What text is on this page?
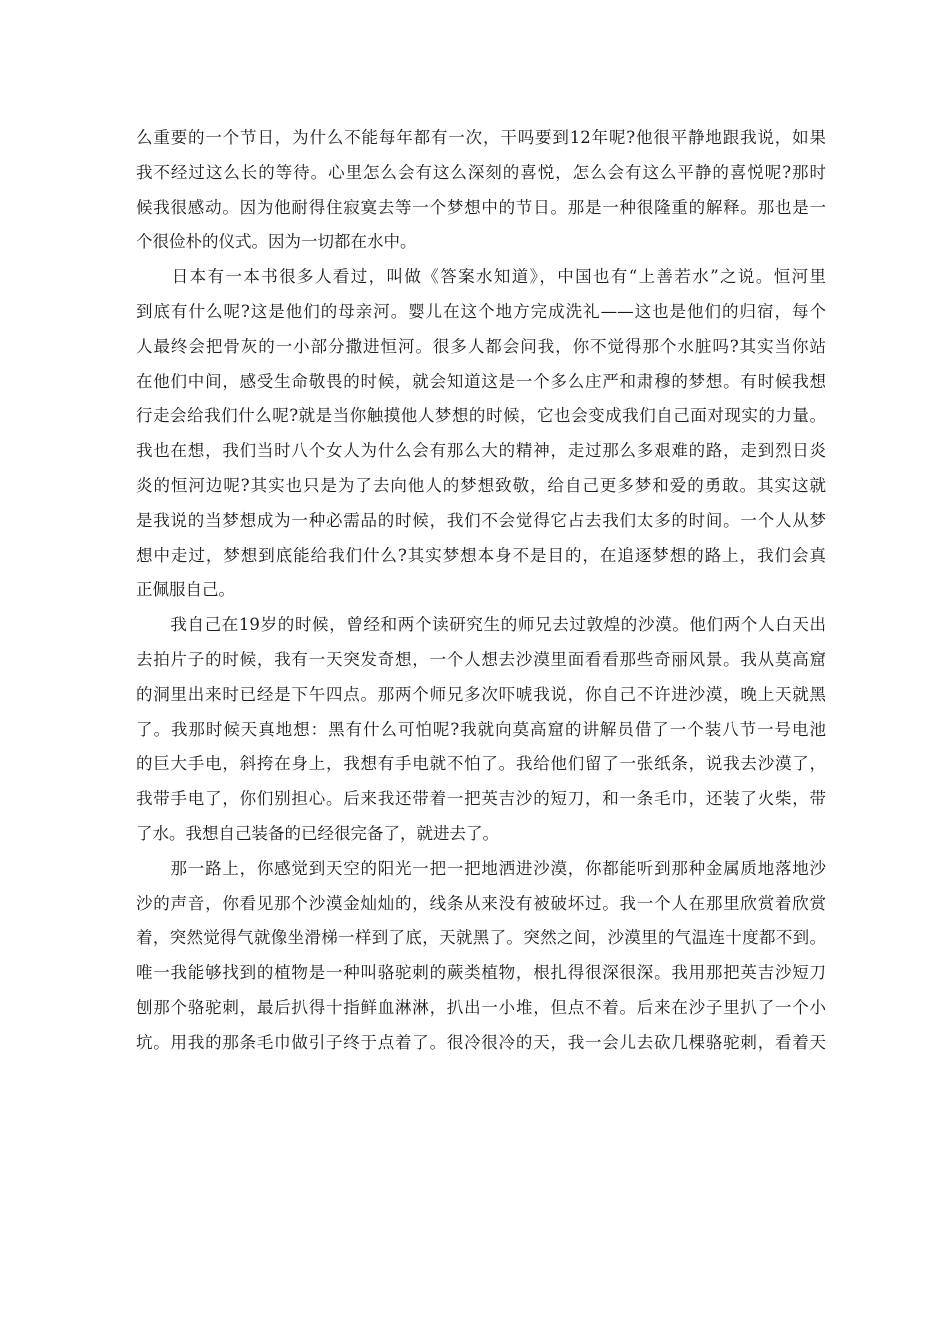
么重要的一个节日，为什么不能每年都有一次，干吗要到12年呢?他很平静地跟我说，如果
我不经过这么长的等待。心里怎么会有这么深刻的喜悦，怎么会有这么平静的喜悦呢?那时
候我很感动。因为他耐得住寂寞去等一个梦想中的节日。那是一种很隆重的解释。那也是一
个很俭朴的仪式。因为一切都在水中。
　　日本有一本书很多人看过，叫做《答案水知道》，中国也有“上善若水”之说。恒河里
到底有什么呢?这是他们的母亲河。婴儿在这个地方完成洗礼——这也是他们的归宿，每个
人最终会把骨灰的一小部分撒进恒河。很多人都会问我，你不觉得那个水脏吗?其实当你站
在他们中间，感受生命敬畏的时候，就会知道这是一个多么庄严和肃穆的梦想。有时候我想
行走会给我们什么呢?就是当你触摸他人梦想的时候，它也会变成我们自己面对现实的力量。
我也在想，我们当时八个女人为什么会有那么大的精神，走过那么多艰难的路，走到烈日炎
炎的恒河边呢?其实也只是为了去向他人的梦想致敬，给自己更多梦和爱的勇敢。其实这就
是我说的当梦想成为一种必需品的时候，我们不会觉得它占去我们太多的时间。一个人从梦
想中走过，梦想到底能给我们什么?其实梦想本身不是目的，在追逐梦想的路上，我们会真
正佩服自己。
　　我自己在19岁的时候，曾经和两个读研究生的师兄去过敦煌的沙漠。他们两个人白天出
去拍片子的时候，我有一天突发奇想，一个人想去沙漠里面看看那些奇丽风景。我从莫高窟
的洞里出来时已经是下午四点。那两个师兄多次吓唬我说，你自己不许进沙漠，晚上天就黑
了。我那时候天真地想：黑有什么可怕呢?我就向莫高窟的讲解员借了一个装八节一号电池
的巨大手电，斜挎在身上，我想有手电就不怕了。我给他们留了一张纸条，说我去沙漠了，
我带手电了，你们别担心。后来我还带着一把英吉沙的短刀，和一条毛巾，还装了火柴，带
了水。我想自己装备的已经很完备了，就进去了。
　　那一路上，你感觉到天空的阳光一把一把地洒进沙漠，你都能听到那种金属质地落地沙
沙的声音，你看见那个沙漠金灿灿的，线条从来没有被破坏过。我一个人在那里欣赏着欣赏
着，突然觉得气就像坐滑梯一样到了底，天就黑了。突然之间，沙漠里的气温连十度都不到。
唯一我能够找到的植物是一种叫骆驼刺的蕨类植物，根扎得很深很深。我用那把英吉沙短刀
刨那个骆驼刺，最后扒得十指鲜血淋淋，扒出一小堆，但点不着。后来在沙子里扒了一个小
坑。用我的那条毛巾做引子终于点着了。很冷很冷的天，我一会儿去砍几棵骆驼刺，看着天
